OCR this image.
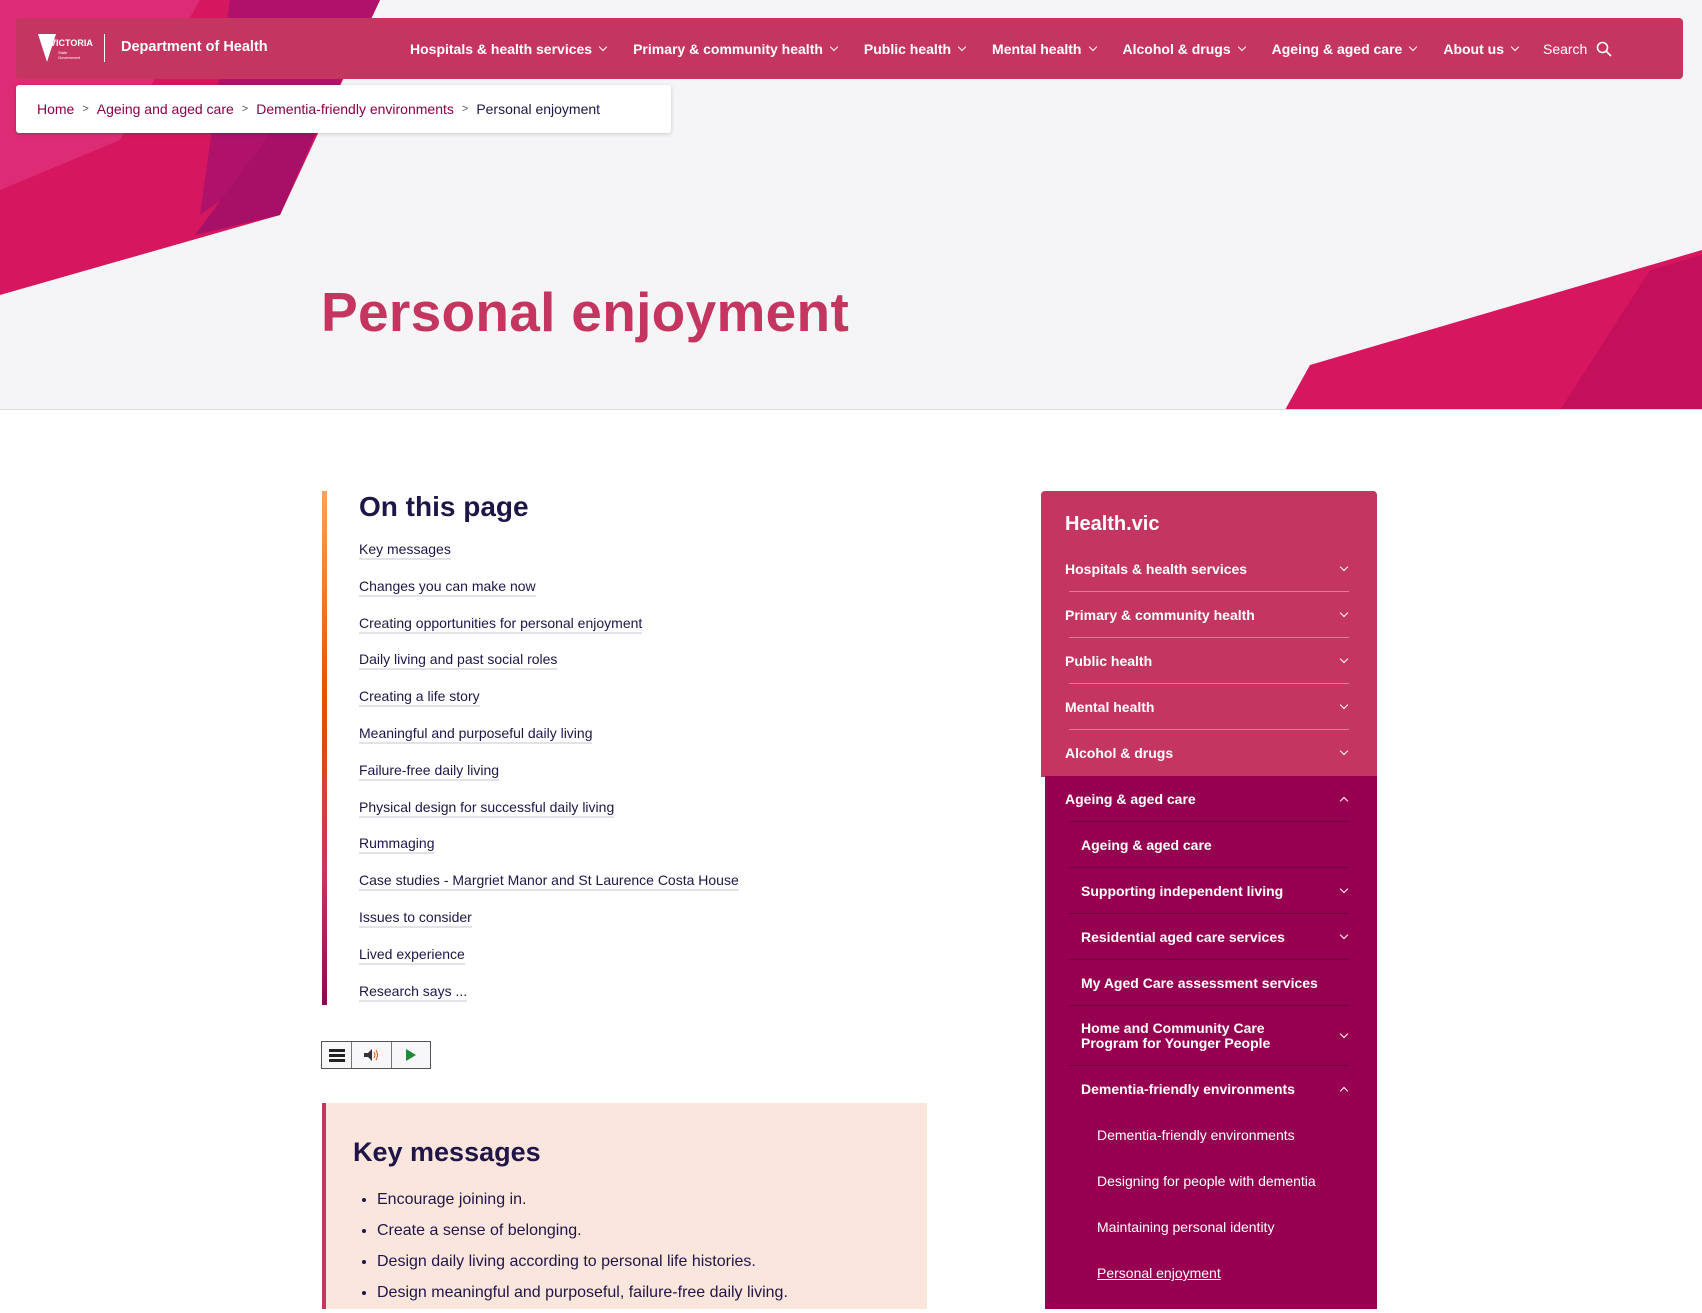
VICTORIA
State
Government
Department of Health	Hospitals & health services	Primary & community health	Public health	Mental health	Alcohol & drugs	Ageing & aged care	About us	Search
Home > Ageing and aged care > Dementia-friendly environments > Personal enjoyment
Personal enjoyment
On this page
Key messages
Changes you can make now
Creating opportunities for personal enjoyment
Daily living and past social roles
Creating a life story
Meaningful and purposeful daily living
Failure-free daily living
Physical design for successful daily living
Rummaging
Case studies - Margriet Manor and St Laurence Costa House
Issues to consider
Lived experience
Research says ...
Key messages
• Encourage joining in.
• Create a sense of belonging.
• Design daily living according to personal life histories.
• Design meaningful and purposeful, failure-free daily living.
Health.vic
Hospitals & health services
Primary & community health
Public health
Mental health
Alcohol & drugs
Ageing & aged care
Ageing & aged care
Supporting independent living
Residential aged care services
My Aged Care assessment services
Home and Community Care Program for Younger People
Dementia-friendly environments
Dementia-friendly environments
Designing for people with dementia
Maintaining personal identity
Personal enjoyment
